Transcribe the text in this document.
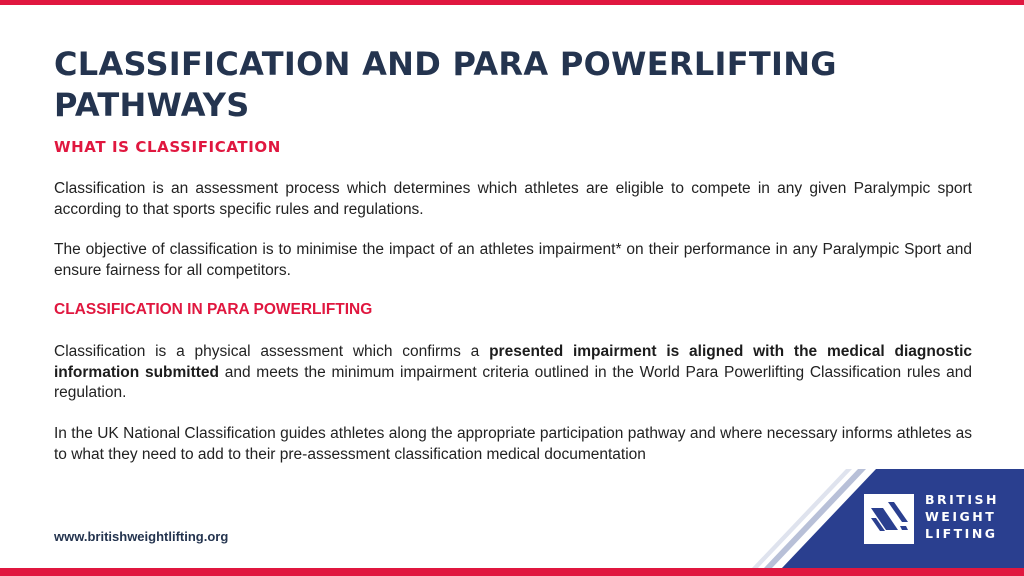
CLASSIFICATION AND PARA POWERLIFTING PATHWAYS
WHAT IS CLASSIFICATION

Classification is an assessment process which determines which athletes are eligible to compete in any given Paralympic sport according to that sports specific rules and regulations.

The objective of classification is to minimise the impact of an athletes impairment* on their performance in any Paralympic Sport and ensure fairness for all competitors.

CLASSIFICATION IN PARA POWERLIFTING

Classification is a physical assessment which confirms a presented impairment is aligned with the medical diagnostic information submitted and meets the minimum impairment criteria outlined in the World Para Powerlifting Classification rules and regulation.

In the UK National Classification guides athletes along the appropriate participation pathway and where necessary informs athletes as to what they need to add to their pre-assessment classification medical documentation

www.britishweightlifting.org

BRITISH
WEIGHT
LIFTING
